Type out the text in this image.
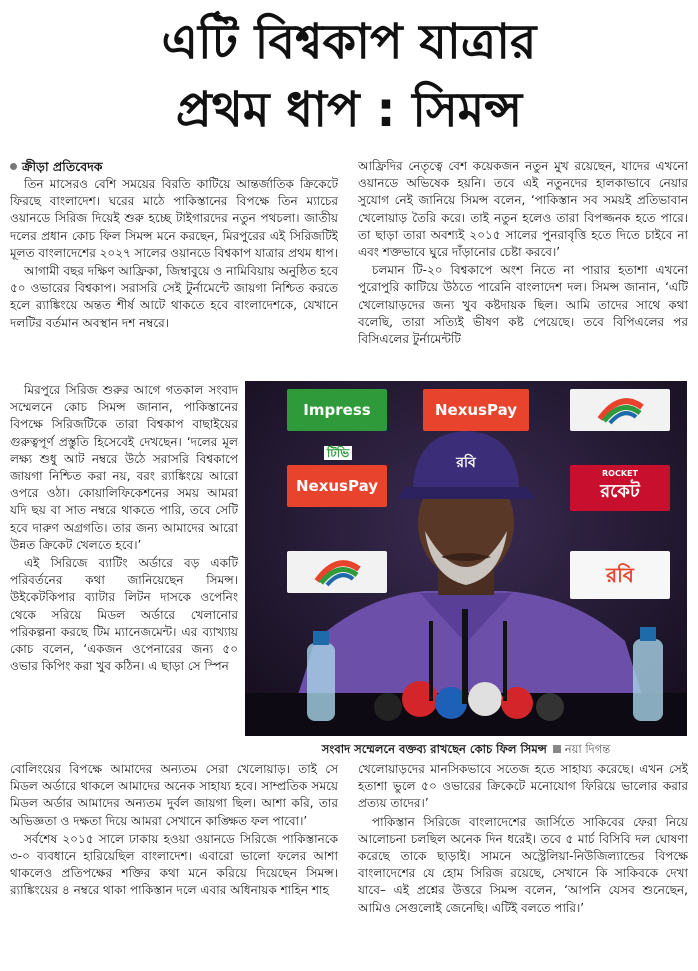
এটি বিশ্বকাপ যাত্রার
প্রথম ধাপ : সিমন্স
ক্রীড়া প্রতিবেদক

তিন মাসেরও বেশি সময়ের বিরতি কাটিয়ে আন্তর্জাতিক ক্রিকেটে ফিরছে বাংলাদেশ। ঘরের মাঠে পাকিস্তানের বিপক্ষে তিন ম্যাচের ওয়ানডে সিরিজ দিয়েই শুরু হচ্ছে টাইগারদের নতুন পথচলা। জাতীয় দলের প্রধান কোচ ফিল সিমন্স মনে করছেন, মিরপুরের এই সিরিজটিই মূলত বাংলাদেশের ২০২৭ সালের ওয়ানডে বিশ্বকাপ যাত্রার প্রথম ধাপ।

আগামী বছর দক্ষিণ আফ্রিকা, জিম্বাবুয়ে ও নামিবিয়ায় অনুষ্ঠিত হবে ৫০ ওভারের বিশ্বকাপ। সরাসরি সেই টুর্নামেন্টে জায়গা নিশ্চিত করতে হলে র‍্যাঙ্কিংয়ে অন্তত শীর্ষ আটে থাকতে হবে বাংলাদেশকে, যেখানে দলটির বর্তমান অবস্থান দশ নম্বরে।

আফ্রিদির নেতৃত্বে বেশ কয়েকজন নতুন মুখ রয়েছেন, যাদের এখনো ওয়ানডে অভিষেক হয়নি। তবে এই নতুনদের হালকাভাবে নেয়ার সুযোগ নেই জানিয়ে সিমন্স বলেন, ‘পাকিস্তান সব সময়ই প্রতিভাবান খেলোয়াড় তৈরি করে। তাই নতুন হলেও তারা বিপজ্জনক হতে পারে। তা ছাড়া তারা অবশ্যই ২০১৫ সালের পুনরাবৃত্তি হতে দিতে চাইবে না এবং শক্তভাবে ঘুরে দাঁড়ানোর চেষ্টা করবে।’

চলমান টি-২০ বিশ্বকাপে অংশ নিতে না পারার হতাশা এখনো পুরোপুরি কাটিয়ে উঠতে পারেনি বাংলাদেশ দল। সিমন্স জানান, ‘এটি খেলোয়াড়দের জন্য খুব কষ্টদায়ক ছিল। আমি তাদের সাথে কথা বলেছি, তারা সত্যিই ভীষণ কষ্ট পেয়েছে। তবে বিপিএলের পর বিসিএলের টুর্নামেন্টটি

মিরপুরে সিরিজ শুরুর আগে গতকাল সংবাদ সম্মেলনে কোচ সিমন্স জানান, পাকিস্তানের বিপক্ষে সিরিজটিকে তারা বিশ্বকাপ বাছাইয়ের গুরুত্বপূর্ণ প্রস্তুতি হিসেবেই দেখছেন। ‘দলের মূল লক্ষ্য শুধু আট নম্বরে উঠে সরাসরি বিশ্বকাপে জায়গা নিশ্চিত করা নয়, বরং র‍্যাঙ্কিংয়ে আরো ওপরে ওঠা। কোয়ালিফিকেশনের সময় আমরা যদি ছয় বা সাত নম্বরে থাকতে পারি, তবে সেটি হবে দারুণ অগ্রগতি। তার জন্য আমাদের আরো উন্নত ক্রিকেট খেলতে হবে।’

এই সিরিজে ব্যাটিং অর্ডারে বড় একটি পরিবর্তনের কথা জানিয়েছেন সিমন্স। উইকেটকিপার ব্যাটার লিটন দাসকে ওপেনিং থেকে সরিয়ে মিডল অর্ডারে খেলানোর পরিকল্পনা করছে টিম ম্যানেজমেন্ট। এর ব্যাখ্যায় কোচ বলেন, ‘একজন ওপেনারের জন্য ৫০ ওভার কিপিং করা খুব কঠিন। এ ছাড়া সে স্পিন

রবি
Impress টিভি
NexusPay
NexusPay
ROCKET
রকেট
রবি
সংবাদ সম্মেলনে বক্তব্য রাখছেন কোচ ফিল সিমন্স নয়া দিগন্ত

বোলিংয়ের বিপক্ষে আমাদের অন্যতম সেরা খেলোয়াড়। তাই সে মিডল অর্ডারে থাকলে আমাদের অনেক সাহায্য হবে। সাম্প্রতিক সময়ে মিডল অর্ডার আমাদের অন্যতম দুর্বল জায়গা ছিল। আশা করি, তার অভিজ্ঞতা ও দক্ষতা দিয়ে আমরা সেখানে কাঙ্ক্ষিত ফল পাবো।’

সর্বশেষ ২০১৫ সালে ঢাকায় হওয়া ওয়ানডে সিরিজে পাকিস্তানকে ৩-০ ব্যবধানে হারিয়েছিল বাংলাদেশ। এবারো ভালো ফলের আশা থাকলেও প্রতিপক্ষের শক্তির কথা মনে করিয়ে দিয়েছেন সিমন্স। র‍্যাঙ্কিংয়ের ৪ নম্বরে থাকা পাকিস্তান দলে এবার অধিনায়ক শাহিন শাহ

খেলোয়াড়দের মানসিকভাবে সতেজ হতে সাহায্য করেছে। এখন সেই হতাশা ভুলে ৫০ ওভারের ক্রিকেটে মনোযোগ ফিরিয়ে ভালোর করার প্রত্যয় তাদের।’

পাকিস্তান সিরিজে বাংলাদেশের জার্সিতে সাকিবের ফেরা নিয়ে আলোচনা চলছিল অনেক দিন ধরেই। তবে ৫ মার্চ বিসিবি দল ঘোষণা করেছে তাকে ছাড়াই। সামনে অস্ট্রেলিয়া-নিউজিল্যান্ডের বিপক্ষে বাংলাদেশের যে হোম সিরিজ রয়েছে, সেখানে কি সাকিবকে দেখা যাবে– এই প্রশ্নের উত্তরে সিমন্স বলেন, ‘আপনি যেসব শুনেছেন, আমিও সেগুলোই জেনেছি। এটিই বলতে পারি।’
